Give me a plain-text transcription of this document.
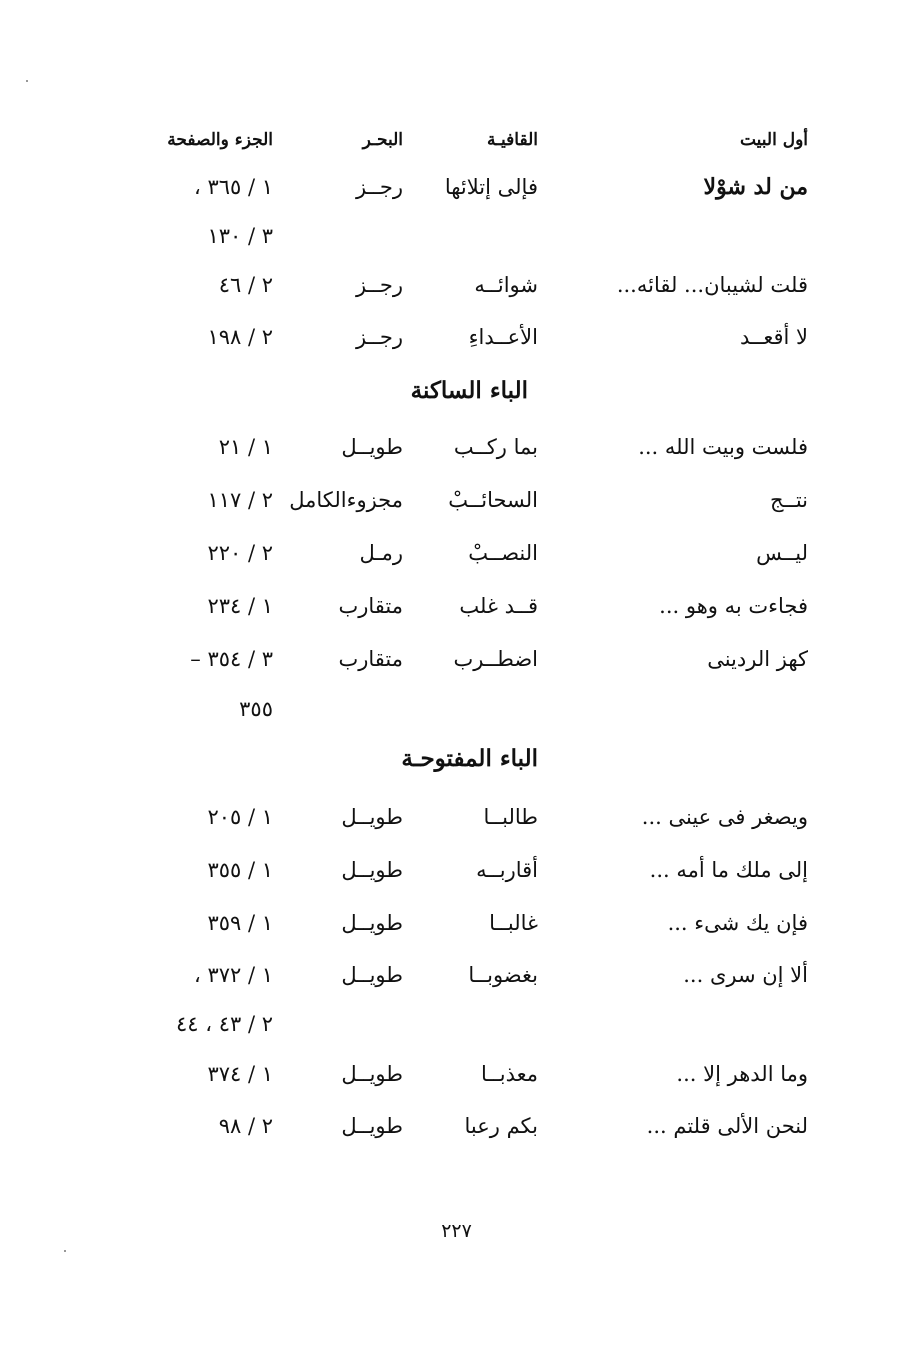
أول البيت
القافيـة
البحـر
الجزء والصفحة
من لد شوْلا
فإلى إتلائها
رجــز
١ / ٣٦٥ ،
٣ / ١٣٠
قلت لشيبان... لقائه...
شوائــه
رجــز
٢ / ٤٦
لا أقعــد
الأعــداءِ
رجــز
٢ / ١٩٨
الباء الساكنة
فلست وبيت الله ...
بما ركــب
طويــل
١ / ٢١
نتــج
السحائــبْ
مجزوءالكامل
٢ / ١١٧
ليــس
النصــبْ
رمـل
٢ / ٢٢٠
فجاءت به وهو ...
قــد غلب
متقارب
١ / ٢٣٤
كهز الردينى
اضطــرب
متقارب
٣ / ٣٥٤ –
٣٥٥
الباء المفتوحـة
ويصغر فى عينى ...
طالبــا
طويــل
١ / ٢٠٥
إلى ملك ما أمه ...
أقاربــه
طويــل
١ / ٣٥٥
فإن يك شىء ...
غالبــا
طويــل
١ / ٣٥٩
ألا إن سرى ...
بغضوبــا
طويــل
١ / ٣٧٢ ،
٢ / ٤٣ ، ٤٤
وما الدهر إلا ...
معذبــا
طويــل
١ / ٣٧٤
لنحن الألى قلتم ...
بكم رعبا
طويــل
٢ / ٩٨
٢٢٧
